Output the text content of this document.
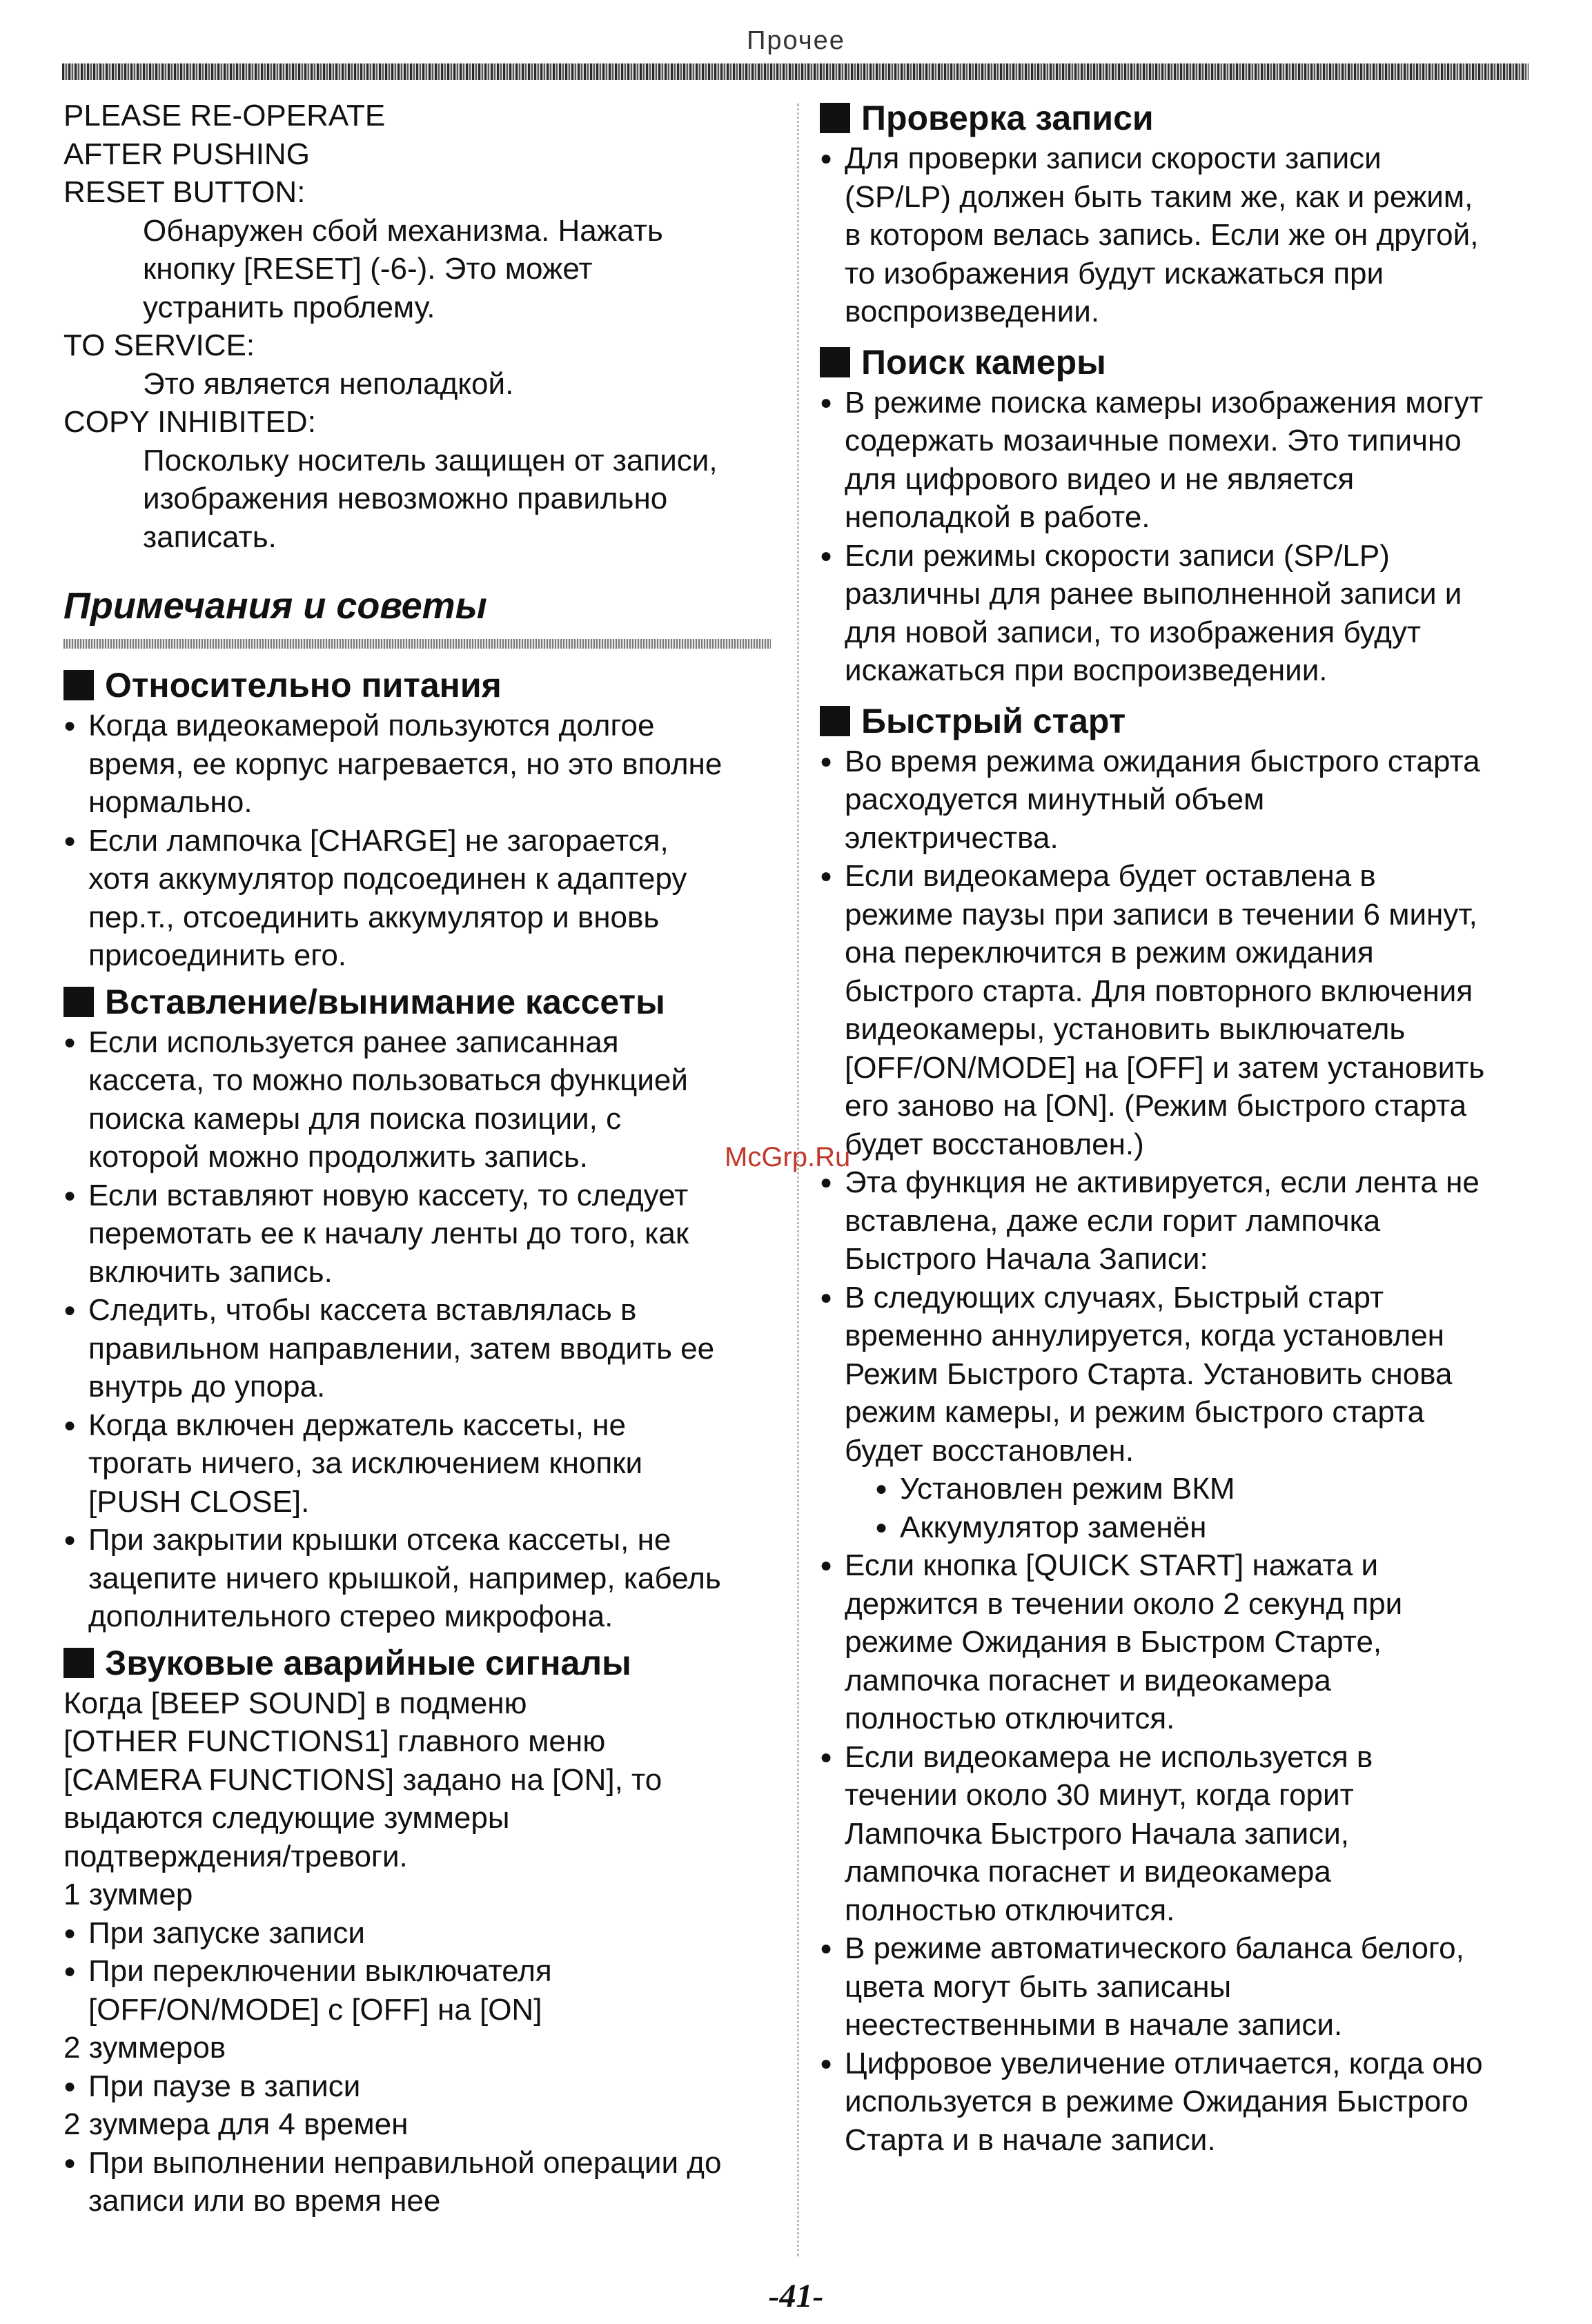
Прочее
PLEASE RE-OPERATE
AFTER PUSHING
RESET BUTTON:
Обнаружен сбой механизма. Нажать
кнопку [RESET] (-6-). Это может
устранить проблему.
TO SERVICE:
Это является неполадкой.
COPY INHIBITED:
Поскольку носитель защищен от записи,
изображения невозможно правильно
записать.
Примечания и советы
Относительно питания
● Когда видеокамерой пользуются долгое
время, ее корпус нагревается, но это вполне
нормально.
● Если лампочка [CHARGE] не загорается,
хотя аккумулятор подсоединен к адаптеру
пер.т., отсоединить аккумулятор и вновь
присоединить его.
Вставление/вынимание кассеты
● Если используется ранее записанная
кассета, то можно пользоваться функцией
поиска камеры для поиска позиции, с
которой можно продолжить запись.
● Если вставляют новую кассету, то следует
перемотать ее к началу ленты до того, как
включить запись.
● Следить, чтобы кассета вставлялась в
правильном направлении, затем вводить ее
внутрь до упора.
● Когда включен держатель кассеты, не
трогать ничего, за исключением кнопки
[PUSH CLOSE].
● При закрытии крышки отсека кассеты, не
зацепите ничего крышкой, например, кабель
дополнительного стерео микрофона.
Звуковые аварийные сигналы
Когда [BEEP SOUND] в подменю
[OTHER FUNCTIONS1] главного меню
[CAMERA FUNCTIONS] задано на [ON], то
выдаются следующие зуммеры
подтверждения/тревоги.
1 зуммер
● При запуске записи
● При переключении выключателя
[OFF/ON/MODE] с [OFF] на [ON]
2 зуммеров
● При паузе в записи
2 зуммера для 4 времен
● При выполнении неправильной операции до
записи или во время нее
Проверка записи
● Для проверки записи скорости записи
(SP/LP) должен быть таким же, как и режим,
в котором велась запись. Если же он другой,
то изображения будут искажаться при
воспроизведении.
Поиск камеры
● В режиме поиска камеры изображения могут
содержать мозаичные помехи. Это типично
для цифрового видео и не является
неполадкой в работе.
● Если режимы скорости записи (SP/LP)
различны для ранее выполненной записи и
для новой записи, то изображения будут
искажаться при воспроизведении.
Быстрый старт
● Во время режима ожидания быстрого старта
расходуется минутный объем
электричества.
● Если видеокамера будет оставлена в
режиме паузы при записи в течении 6 минут,
она переключится в режим ожидания
быстрого старта. Для повторного включения
видеокамеры, установить выключатель
[OFF/ON/MODE] на [OFF] и затем установить
его заново на [ON]. (Режим быстрого старта
будет восстановлен.)
● Эта функция не активируется, если лента не
вставлена, даже если горит лампочка
Быстрого Начала Записи:
● В следующих случаях, Быстрый старт
временно аннулируется, когда установлен
Режим Быстрого Старта. Установить снова
режим камеры, и режим быстрого старта
будет восстановлен.
● Установлен режим ВКМ
● Аккумулятор заменён
● Если кнопка [QUICK START] нажата и
держится в течении около 2 секунд при
режиме Ожидания в Быстром Старте,
лампочка погаснет и видеокамера
полностью отключится.
● Если видеокамера не используется в
течении около 30 минут, когда горит
Лампочка Быстрого Начала записи,
лампочка погаснет и видеокамера
полностью отключится.
● В режиме автоматического баланса белого,
цвета могут быть записаны
неестественными в начале записи.
● Цифровое увеличение отличается, когда оно
используется в режиме Ожидания Быстрого
Старта и в начале записи.
McGrp.Ru
-41-
